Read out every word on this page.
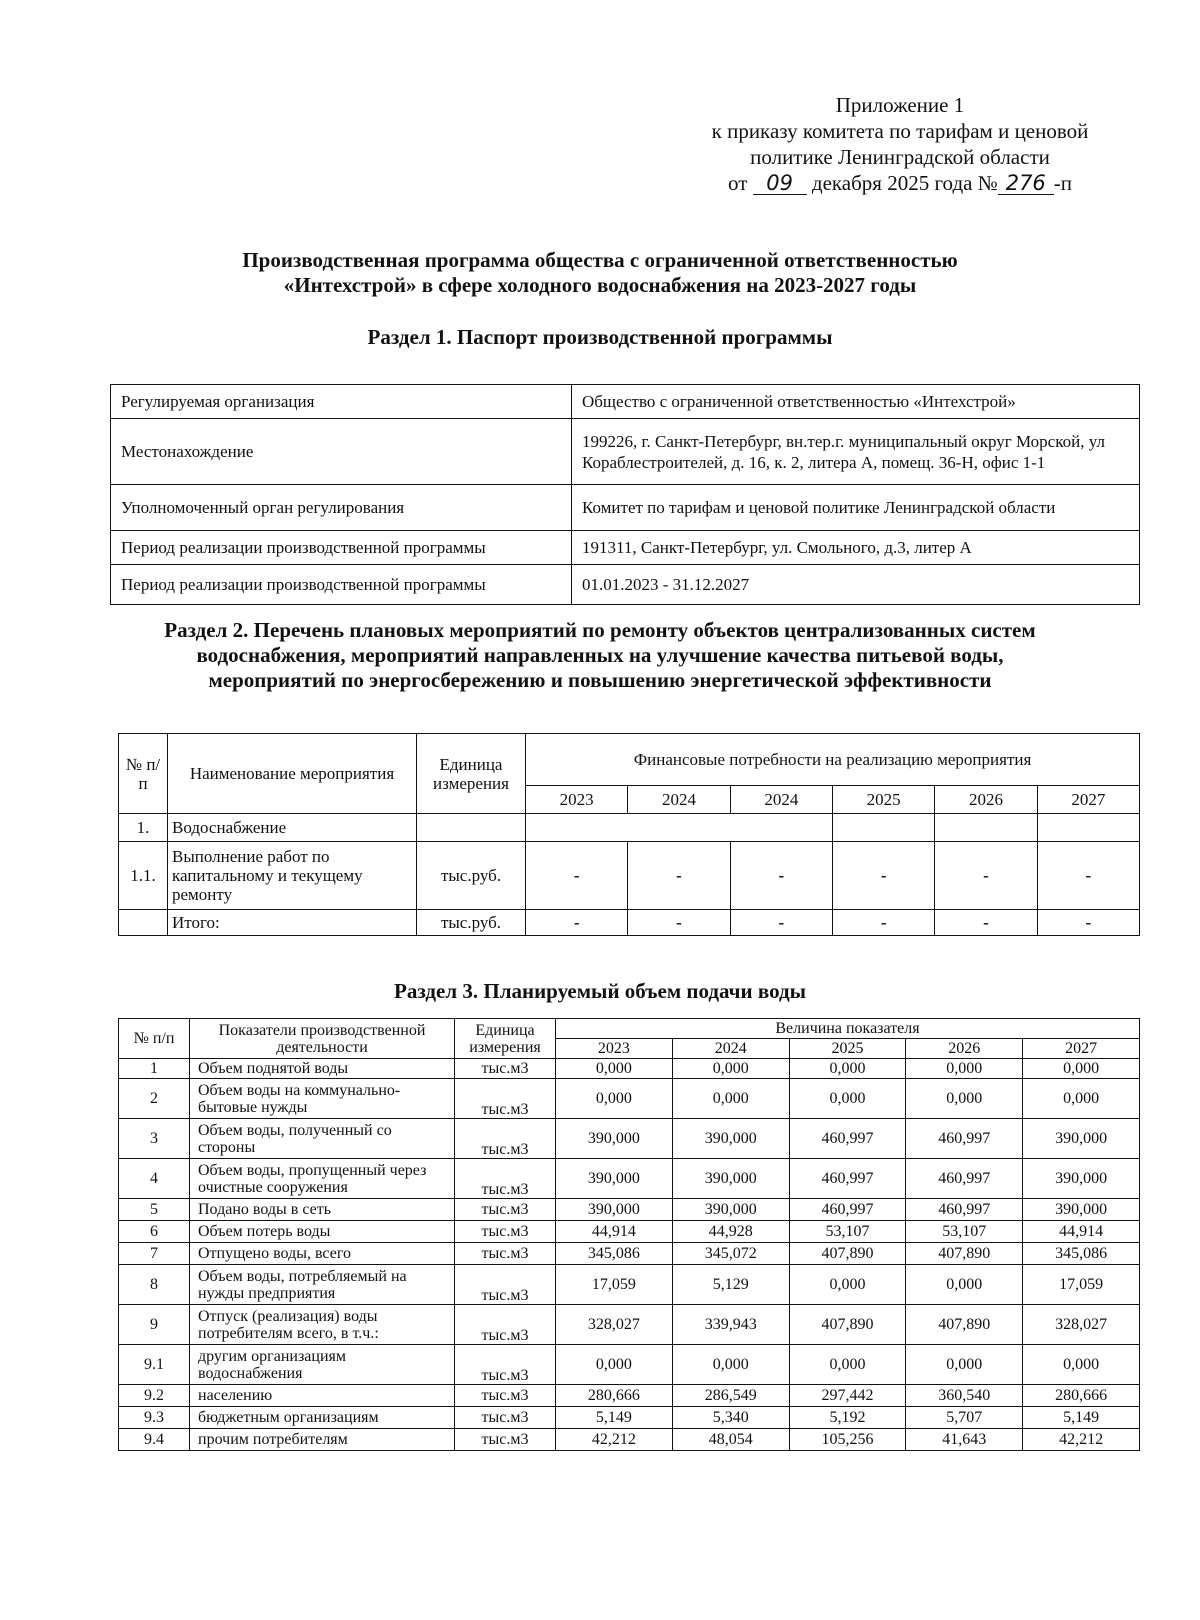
Приложение 1
к приказу комитета по тарифам и ценовой
политике Ленинградской области
от 09 декабря 2025 года № 276 -п
Производственная программа общества с ограниченной ответственностью
«Интехстрой» в сфере холодного водоснабжения на 2023-2027 годы
Раздел 1. Паспорт производственной программы
Регулируемая организация	Общество с ограниченной ответственностью «Интехстрой»
Местонахождение	199226, г. Санкт-Петербург, вн.тер.г. муниципальный округ Морской, ул Кораблестроителей, д. 16, к. 2, литера А, помещ. 36-Н, офис 1-1
Уполномоченный орган регулирования	Комитет по тарифам и ценовой политике Ленинградской области
Период реализации производственной программы	191311, Санкт-Петербург, ул. Смольного, д.3, литер А
Период реализации производственной программы	01.01.2023 - 31.12.2027
Раздел 2. Перечень плановых мероприятий по ремонту объектов централизованных систем
водоснабжения, мероприятий направленных на улучшение качества питьевой воды,
мероприятий по энергосбережению и повышению энергетической эффективности
№ п/п	Наименование мероприятия	Единица измерения	Финансовые потребности на реализацию мероприятия					
			2023	2024	2024	2025	2026	2027
1.	Водоснабжение							
1.1.	Выполнение работ по капитальному и текущему ремонту	тыс.руб.	-	-	-	-	-	-
	Итого:	тыс.руб.	-	-	-	-	-	-
Раздел 3. Планируемый объем подачи воды
№ п/п	Показатели производственной деятельности	Единица измерения	Величина показателя				
			2023	2024	2025	2026	2027
1	Объем поднятой воды	тыс.м3	0,000	0,000	0,000	0,000	0,000
2	Объем воды на коммунально-бытовые нужды	тыс.м3	0,000	0,000	0,000	0,000	0,000
3	Объем воды, полученный со стороны	тыс.м3	390,000	390,000	460,997	460,997	390,000
4	Объем воды, пропущенный через очистные сооружения	тыс.м3	390,000	390,000	460,997	460,997	390,000
5	Подано воды в сеть	тыс.м3	390,000	390,000	460,997	460,997	390,000
6	Объем потерь воды	тыс.м3	44,914	44,928	53,107	53,107	44,914
7	Отпущено воды, всего	тыс.м3	345,086	345,072	407,890	407,890	345,086
8	Объем воды, потребляемый на нужды предприятия	тыс.м3	17,059	5,129	0,000	0,000	17,059
9	Отпуск (реализация) воды потребителям всего, в т.ч.:	тыс.м3	328,027	339,943	407,890	407,890	328,027
9.1	другим организациям водоснабжения	тыс.м3	0,000	0,000	0,000	0,000	0,000
9.2	населению	тыс.м3	280,666	286,549	297,442	360,540	280,666
9.3	бюджетным организациям	тыс.м3	5,149	5,340	5,192	5,707	5,149
9.4	прочим потребителям	тыс.м3	42,212	48,054	105,256	41,643	42,212
